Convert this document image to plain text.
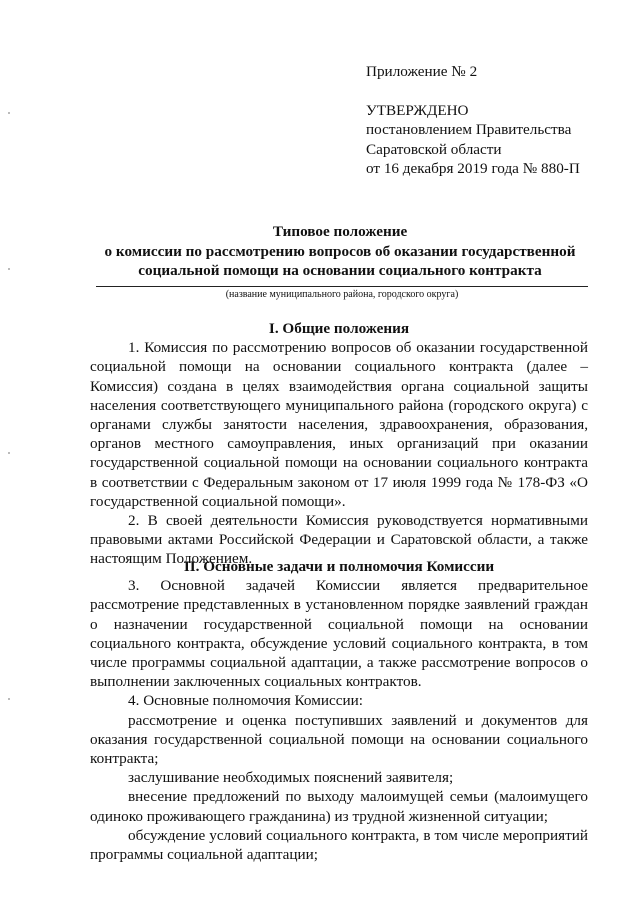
Приложение № 2
УТВЕРЖДЕНО
постановлением Правительства
Саратовской области
от 16 декабря 2019 года № 880-П
Типовое положение
о комиссии по рассмотрению вопросов об оказании государственной
социальной помощи на основании социального контракта
(название муниципального района, городского округа)

I. Общие положения

1. Комиссия по рассмотрению вопросов об оказании государственной социальной помощи на основании социального контракта (далее – Комиссия) создана в целях взаимодействия органа социальной защиты населения соответствующего муниципального района (городского округа) с органами службы занятости населения, здравоохранения, образования, органов местного самоуправления, иных организаций при оказании государственной социальной помощи на основании социального контракта в соответствии с Федеральным законом от 17 июля 1999 года № 178-ФЗ «О государственной социальной помощи».

2. В своей деятельности Комиссия руководствуется нормативными правовыми актами Российской Федерации и Саратовской области, а также настоящим Положением.

II. Основные задачи и полномочия Комиссии

3. Основной задачей Комиссии является предварительное рассмотрение представленных в установленном порядке заявлений граждан о назначении государственной социальной помощи на основании социального контракта, обсуждение условий социального контракта, в том числе программы социальной адаптации, а также рассмотрение вопросов о выполнении заключенных социальных контрактов.

4. Основные полномочия Комиссии:

рассмотрение и оценка поступивших заявлений и документов для оказания государственной социальной помощи на основании социального контракта;

заслушивание необходимых пояснений заявителя;

внесение предложений по выходу малоимущей семьи (малоимущего одиноко проживающего гражданина) из трудной жизненной ситуации;

обсуждение условий социального контракта, в том числе мероприятий программы социальной адаптации;
